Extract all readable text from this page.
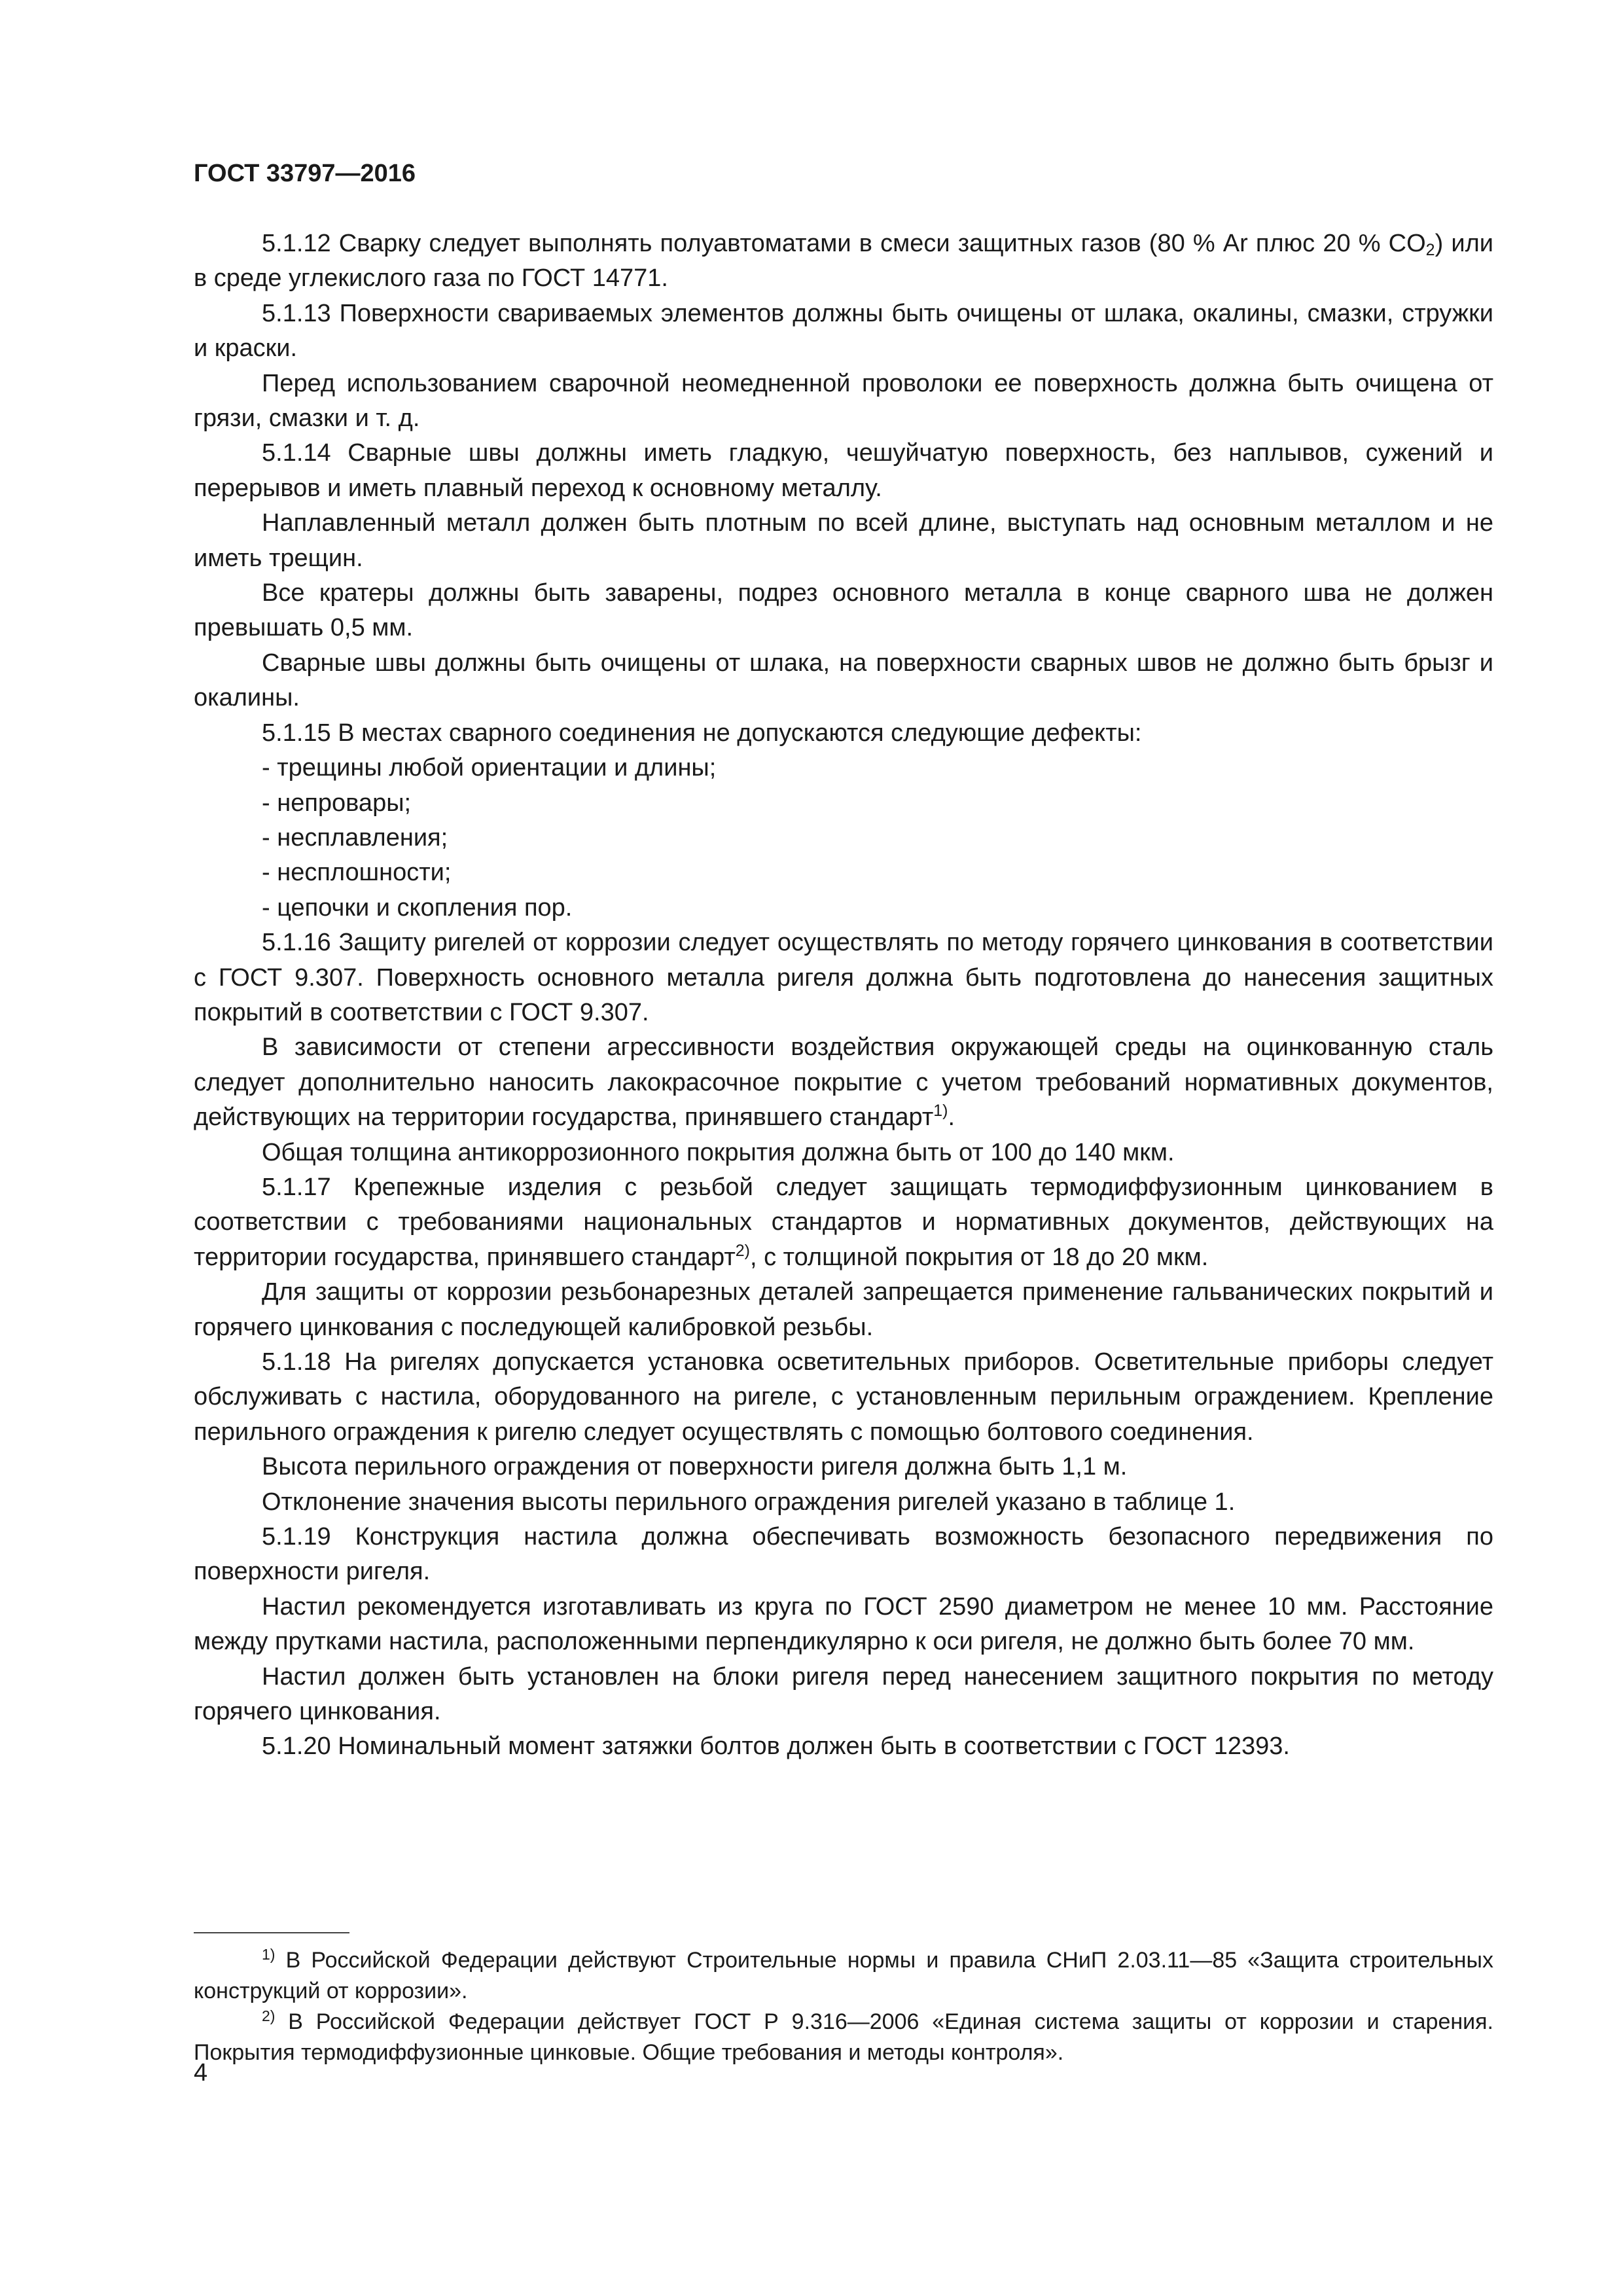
ГОСТ 33797—2016

5.1.12 Сварку следует выполнять полуавтоматами в смеси защитных газов (80 % Ar плюс 20 % $CO_2$) или в среде углекислого газа по ГОСТ 14771.

5.1.13 Поверхности свариваемых элементов должны быть очищены от шлака, окалины, смазки, стружки и краски.

Перед использованием сварочной неомедненной проволоки ее поверхность должна быть очищена от грязи, смазки и т. д.

5.1.14 Сварные швы должны иметь гладкую, чешуйчатую поверхность, без наплывов, сужений и перерывов и иметь плавный переход к основному металлу.

Наплавленный металл должен быть плотным по всей длине, выступать над основным металлом и не иметь трещин.

Все кратеры должны быть заварены, подрез основного металла в конце сварного шва не должен превышать 0,5 мм.

Сварные швы должны быть очищены от шлака, на поверхности сварных швов не должно быть брызг и окалины.

5.1.15 В местах сварного соединения не допускаются следующие дефекты:

- трещины любой ориентации и длины;

- непровары;

- несплавления;

- несплошности;

- цепочки и скопления пор.

5.1.16 Защиту ригелей от коррозии следует осуществлять по методу горячего цинкования в соответствии с ГОСТ 9.307. Поверхность основного металла ригеля должна быть подготовлена до нанесения защитных покрытий в соответствии с ГОСТ 9.307.

В зависимости от степени агрессивности воздействия окружающей среды на оцинкованную сталь следует дополнительно наносить лакокрасочное покрытие с учетом требований нормативных документов, действующих на территории государства, принявшего стандарт$^{1)}$.

Общая толщина антикоррозионного покрытия должна быть от 100 до 140 мкм.

5.1.17 Крепежные изделия с резьбой следует защищать термодиффузионным цинкованием в соответствии с требованиями национальных стандартов и нормативных документов, действующих на территории государства, принявшего стандарт$^{2)}$, с толщиной покрытия от 18 до 20 мкм.

Для защиты от коррозии резьбонарезных деталей запрещается применение гальванических покрытий и горячего цинкования с последующей калибровкой резьбы.

5.1.18 На ригелях допускается установка осветительных приборов. Осветительные приборы следует обслуживать с настила, оборудованного на ригеле, с установленным перильным ограждением. Крепление перильного ограждения к ригелю следует осуществлять с помощью болтового соединения.

Высота перильного ограждения от поверхности ригеля должна быть 1,1 м.

Отклонение значения высоты перильного ограждения ригелей указано в таблице 1.

5.1.19 Конструкция настила должна обеспечивать возможность безопасного передвижения по поверхности ригеля.

Настил рекомендуется изготавливать из круга по ГОСТ 2590 диаметром не менее 10 мм. Расстояние между прутками настила, расположенными перпендикулярно к оси ригеля, не должно быть более 70 мм.

Настил должен быть установлен на блоки ригеля перед нанесением защитного покрытия по методу горячего цинкования.

5.1.20 Номинальный момент затяжки болтов должен быть в соответствии с ГОСТ 12393.

$^{1)}$ В Российской Федерации действуют Строительные нормы и правила СНиП 2.03.11—85 «Защита строительных конструкций от коррозии».

$^{2)}$ В Российской Федерации действует ГОСТ Р 9.316—2006 «Единая система защиты от коррозии и старения. Покрытия термодиффузионные цинковые. Общие требования и методы контроля».

4
